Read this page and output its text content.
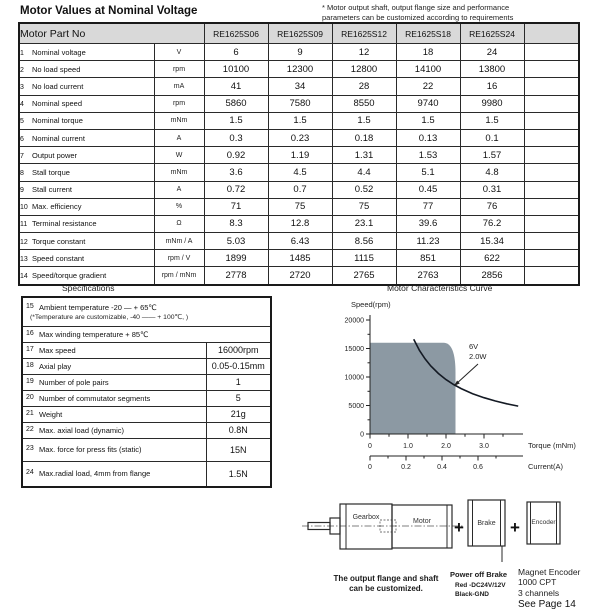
Motor Values at Nominal Voltage	* Motor output shaft, output flange size and performance
parameters can be customized according to requirements
Motor Part No		RE1625S06	RE1625S09	RE1625S12	RE1625S18	RE1625S24	
1 Nominal voltage	V	6	9	12	18	24	
2 No load speed	rpm	10100	12300	12800	14100	13800	
3 No load current	mA	41	34	28	22	16	
4 Nominal speed	rpm	5860	7580	8550	9740	9980	
5 Nominal torque	mNm	1.5	1.5	1.5	1.5	1.5	
6 Nominal current	A	0.3	0.23	0.18	0.13	0.1	
7 Output power	W	0.92	1.19	1.31	1.53	1.57	
8 Stall torque	mNm	3.6	4.5	4.4	5.1	4.8	
9 Stall current	A	0.72	0.7	0.52	0.45	0.31	
10 Max. efficiency	%	71	75	75	77	76	
11 Terminal resistance	Ω	8.3	12.8	23.1	39.6	76.2	
12 Torque constant	mNm / A	5.03	6.43	8.56	11.23	15.34	
13 Speed constant	rpm / V	1899	1485	1115	851	622	
14 Speed/torque gradient	rpm / mNm	2778	2720	2765	2763	2856	
Specifications	Motor Characteristics Curve
15 Ambient temperature -20 — + 65℃
(*Temperature are customizable, -40 —— + 100℃, )	

16 Max winding temperature + 85℃	
17 Max speed	16000rpm
18 Axial play	0.05-0.15mm
19 Number of pole pairs	1
20 Number of commutator segments	5
21 Weight	21g
22 Max. axial load (dynamic)	0.8N
23 Max. force for press fits (static)	15N
24 Max.radial load, 4mm from flange	1.5N
0
5000
10000
15000
20000
Speed(rpm)
0	1.0	2.0	3.0	Torque (mNm)
0	0.2	0.4	0.6	Current(A)
6V
2.0W
Gearbox
Motor + Brake + Encoder
The output flange and shaft
can be customized.
Power off Brake
Red -DC24V/12V
Black-GND
Magnet Encoder
1000 CPT
3 channels
See Page 14
